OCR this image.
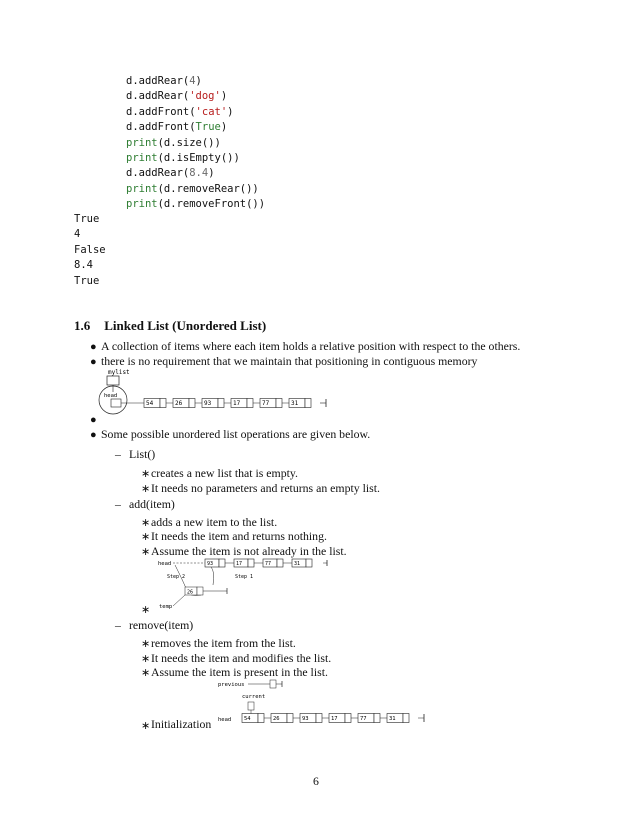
d.addRear(4)
d.addRear('dog')
d.addFront('cat')
d.addFront(True)
print(d.size())
print(d.isEmpty())
d.addRear(8.4)
print(d.removeRear())
print(d.removeFront())
True
4
False
8.4
True
1.6 Linked List (Unordered List)
● A collection of items where each item holds a relative position with respect to the others.
● there is no requirement that we maintain that positioning in contiguous memory
mylist
head
54	26	93	17	77	31
●
● Some possible unordered list operations are given below.
– List()
∗ creates a new list that is empty.
∗ It needs no parameters and returns an empty list.
– add(item)
∗ adds a new item to the list.
∗ It needs the item and returns nothing.
∗ Assume the item is not already in the list.
head	93	17	77	31
Step 2	Step 1
26
temp
∗
– remove(item)
∗ removes the item from the list.
∗ It needs the item and modifies the list.
∗ Assume the item is present in the list.
previous
current
head 54	26	93	17	77	31
∗ Initialization
6
